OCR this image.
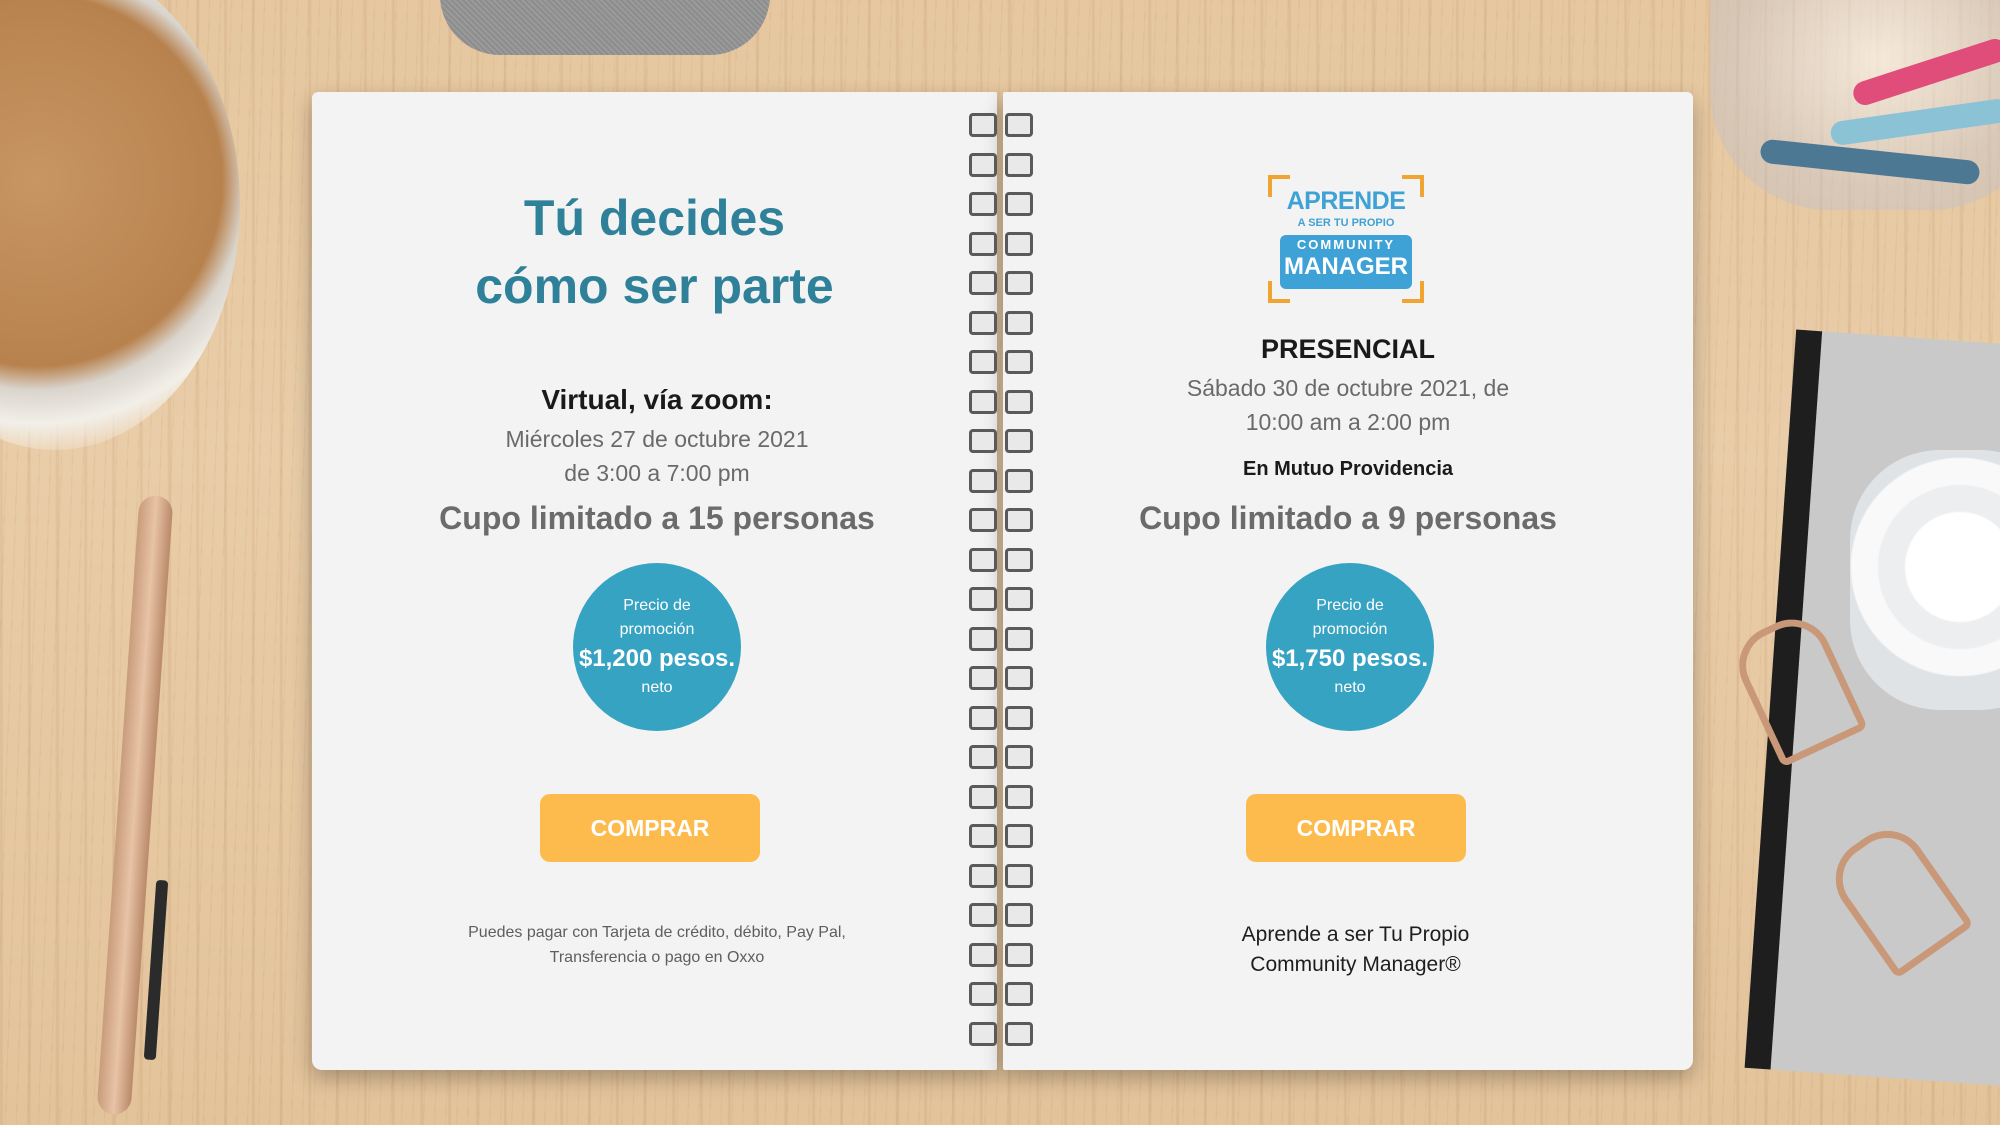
Tú decides
cómo ser parte
Virtual, vía zoom:
Miércoles 27 de octubre 2021
de 3:00 a 7:00 pm
Cupo limitado a 15 personas
Precio de
promoción
$1,200 pesos.
neto
COMPRAR
Puedes pagar con Tarjeta de crédito, débito, Pay Pal,
Transferencia o pago en Oxxo
APRENDE
A SER TU PROPIO
COMMUNITY
MANAGER
PRESENCIAL
Sábado 30 de octubre 2021, de
10:00 am a 2:00 pm
En Mutuo Providencia
Cupo limitado a 9 personas
Precio de
promoción
$1,750 pesos.
neto
COMPRAR
Aprende a ser Tu Propio
Community Manager®
